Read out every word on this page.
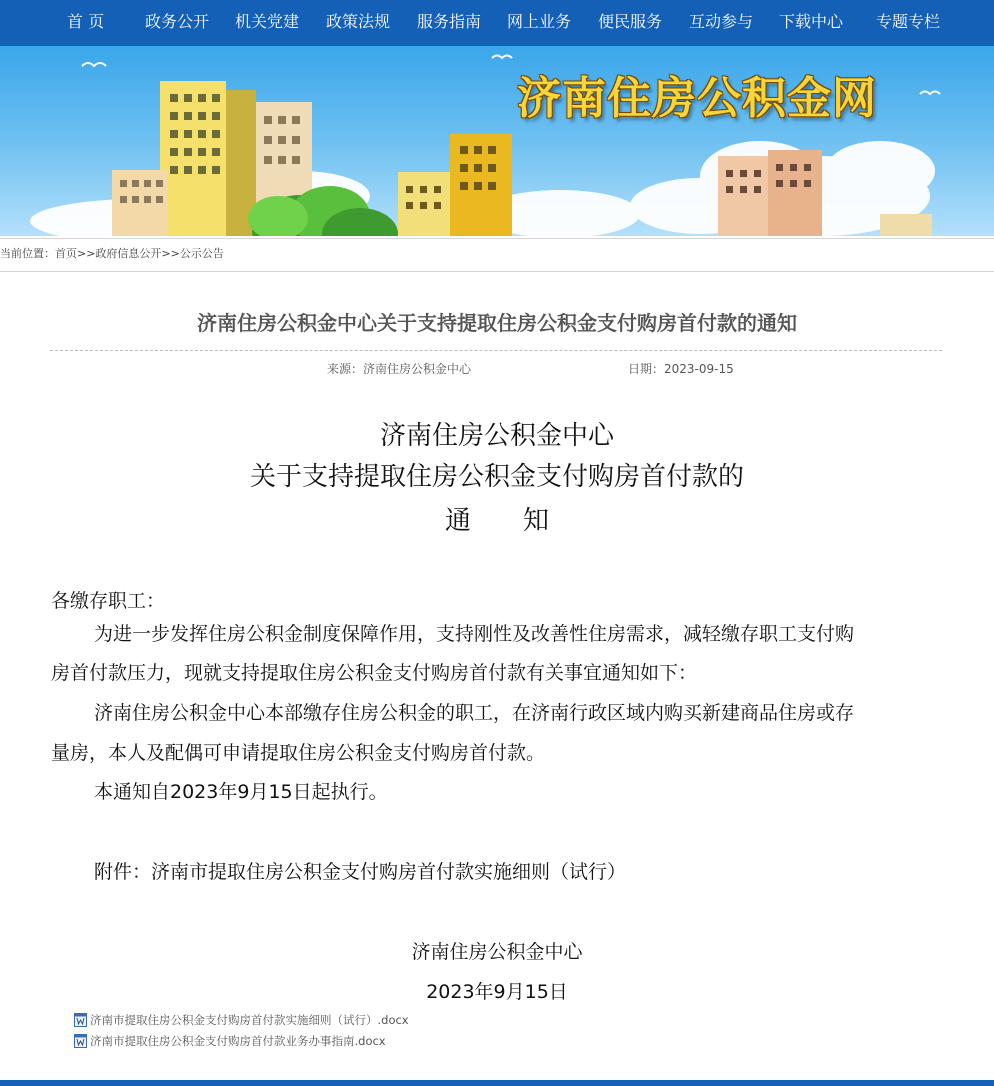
首 页	政务公开 机关党建 政策法规 服务指南 网上业务 便民服务 互动参与 下载中心 专题专栏
济南住房公积金网
当前位置：首页>>政府信息公开>>公示公告
济南住房公积金中心关于支持提取住房公积金支付购房首付款的通知
来源：济南住房公积金中心	日期：2023-09-15
济南住房公积金中心
关于支持提取住房公积金支付购房首付款的
通　　知
各缴存职工：
为进一步发挥住房公积金制度保障作用，支持刚性及改善性住房需求，减轻缴存职工支付购
房首付款压力，现就支持提取住房公积金支付购房首付款有关事宜通知如下：
济南住房公积金中心本部缴存住房公积金的职工，在济南行政区域内购买新建商品住房或存
量房，本人及配偶可申请提取住房公积金支付购房首付款。
本通知自2023年9月15日起执行。
附件：济南市提取住房公积金支付购房首付款实施细则（试行）
济南住房公积金中心
2023年9月15日
济南市提取住房公积金支付购房首付款实施细则（试行）.docx
济南市提取住房公积金支付购房首付款业务办事指南.docx
